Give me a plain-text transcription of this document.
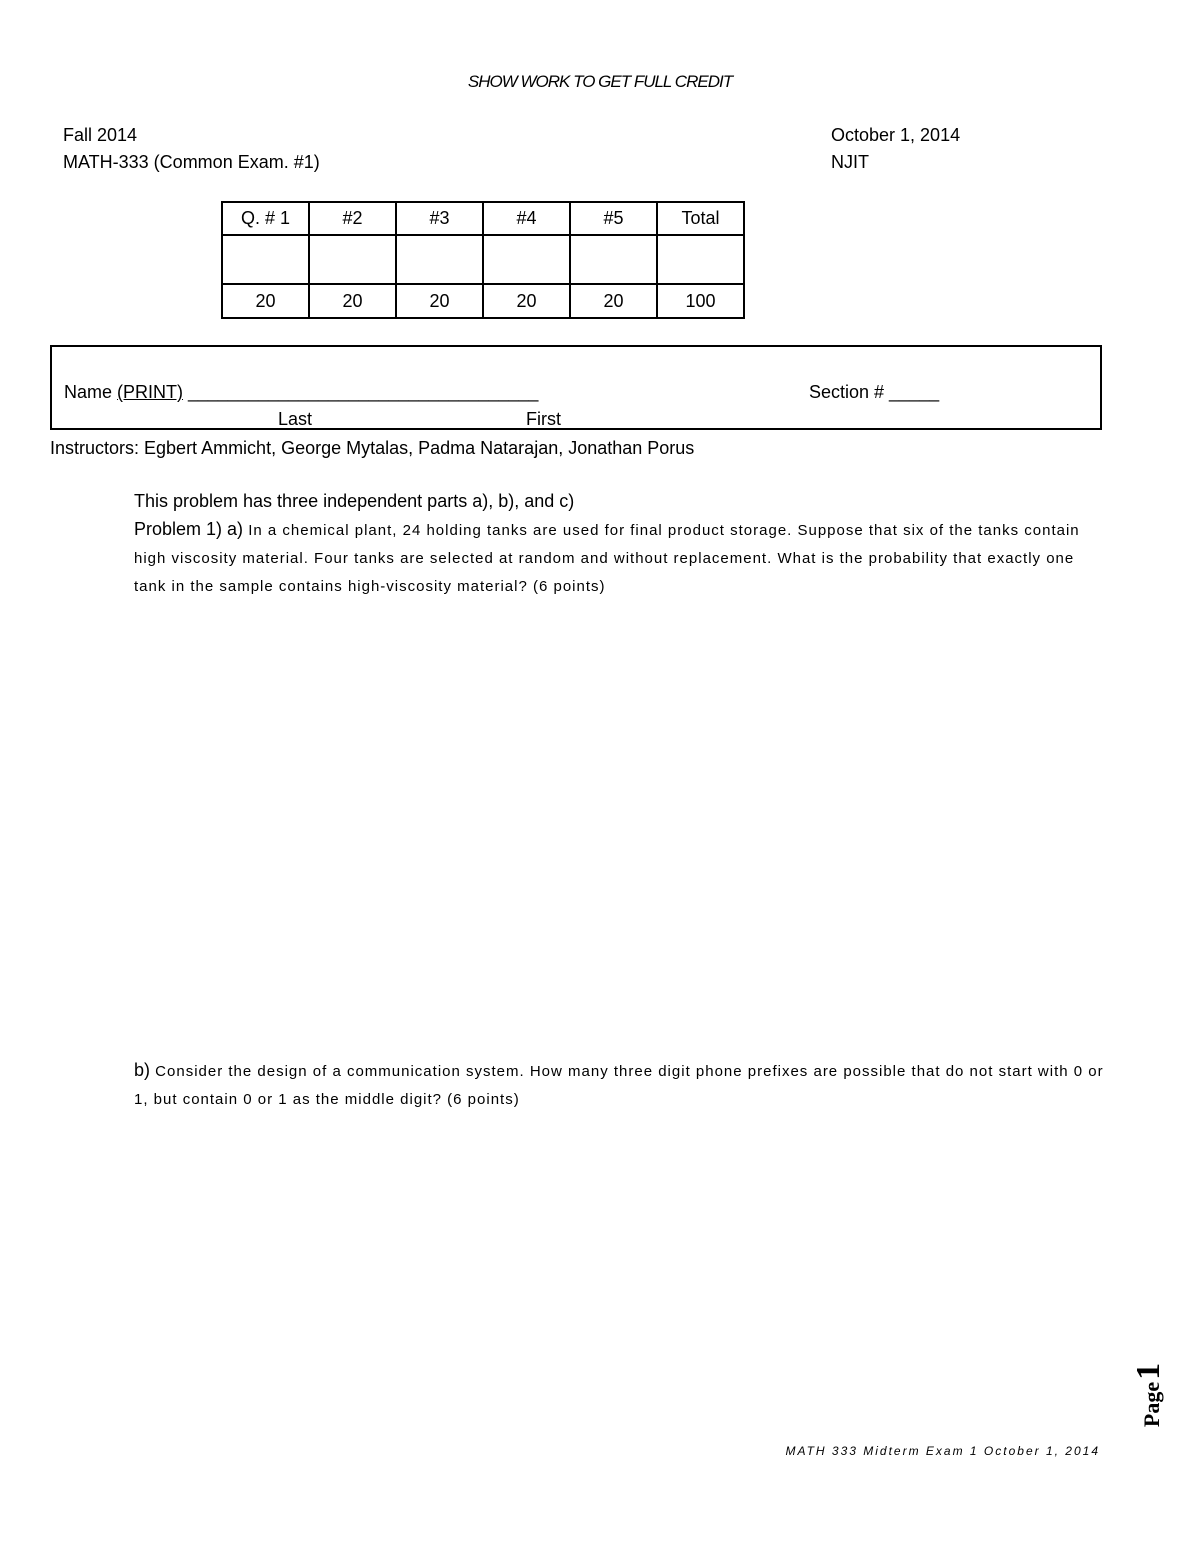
SHOW WORK TO GET FULL CREDIT
Fall 2014
MATH-333 (Common Exam. #1)
October 1, 2014
NJIT
Q. # 1	#2	#3	#4	#5	Total

20	20	20	20	20	100
Name (PRINT) ___________________________________	Section # _____
Last	First
Instructors: Egbert Ammicht, George Mytalas, Padma Natarajan, Jonathan Porus
This problem has three independent parts a), b), and c)
Problem 1) a) In a chemical plant, 24 holding tanks are used for final product storage. Suppose that six of the tanks contain high viscosity material. Four tanks are selected at random and without replacement. What is the probability that exactly one tank in the sample contains high-viscosity material? (6 points)
b) Consider the design of a communication system. How many three digit phone prefixes are possible that do not start with 0 or 1, but contain 0 or 1 as the middle digit? (6 points)
Page
1
MATH 333 Midterm Exam 1 October 1, 2014
